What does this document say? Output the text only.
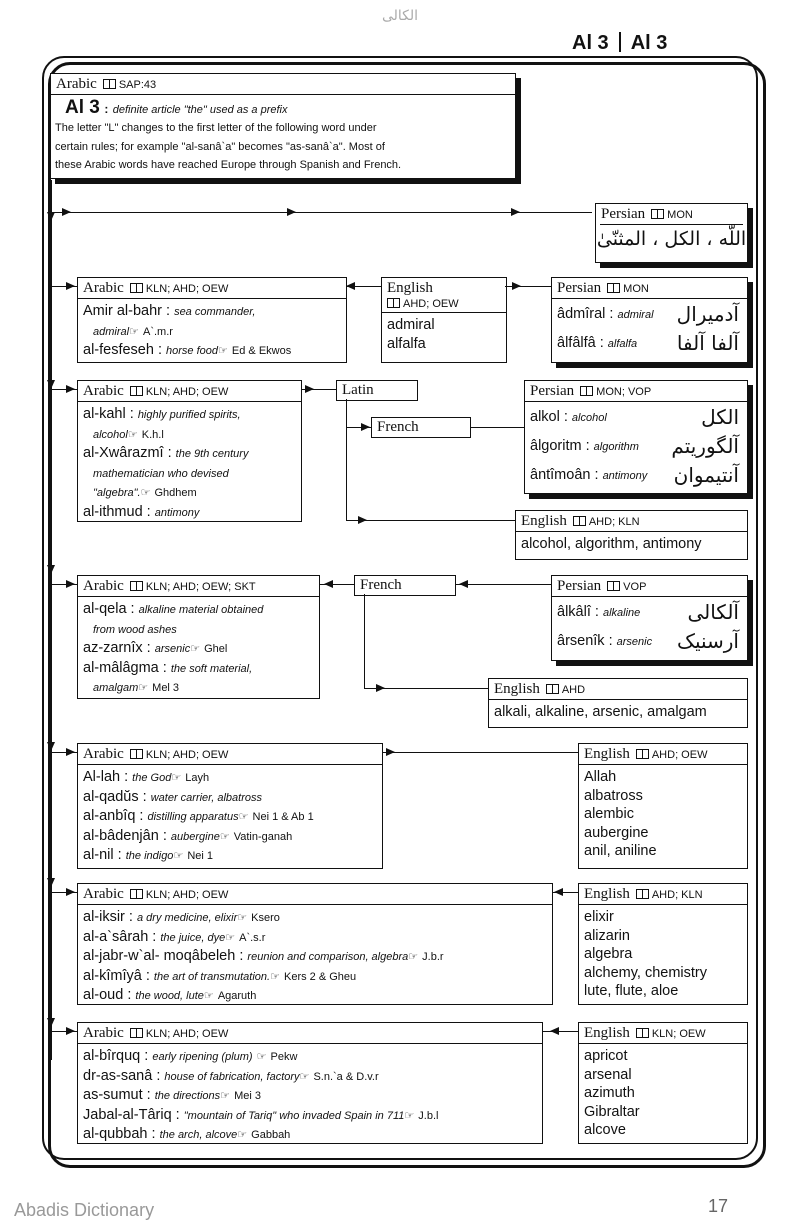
الکالی
Al 3 Al 3
Arabic SAP:43
Al 3 : definite article "the" used as a prefix
The letter "L" changes to the first letter of the following word under
certain rules; for example "al-sanâ`a" becomes "as-sanâ`a". Most of
these Arabic words have reached Europe through Spanish and French.
Persian MON
اللّه ، الکل ، المثنّیٰ
Arabic KLN; AHD; OEW
Amir al-bahr : sea commander,
admiral☞ A`.m.r
al-fesfeseh : horse food☞ Ed & Ekwos
English
AHD; OEW
admiral
alfalfa
Persian MON
âdmîral : admiral آدمیرال
âlfâlfâ : alfalfa آلفا آلفا
Arabic KLN; AHD; OEW
al-kahl : highly purified spirits,
alcohol☞ K.h.l
al-Xwârazmî : the 9th century
mathematician who devised
"algebra".☞ Ghdhem
al-ithmud : antimony
Latin
French
Persian MON; VOP
alkol : alcohol	الکل
âlgoritm : algorithm آلگوریتم
ântîmoân : antimony آنتیموان
English AHD; KLN
alcohol, algorithm, antimony
Arabic KLN; AHD; OEW; SKT
al-qela : alkaline material obtained
from wood ashes
az-zarnîx : arsenic☞ Ghel
al-mâlâgma : the soft material,
amalgam☞ Mel 3
French	Persian VOP
âlkâlî : alkaline آلکالی
ârsenîk : arsenic آرسنیک
English AHD
alkali, alkaline, arsenic, amalgam
Arabic KLN; AHD; OEW
Al-lah : the God☞ Layh
al-qadŭs : water carrier, albatross
al-anbîq : distilling apparatus☞ Nei 1 & Ab 1
al-bâdenjân : aubergine☞ Vatin-ganah
al-nil : the indigo☞ Nei 1
English AHD; OEW
Allah
albatross
alembic
aubergine
anil, aniline
Arabic KLN; AHD; OEW
al-iksir : a dry medicine, elixir☞ Ksero
al-a`sârah : the juice, dye☞ A`.s.r
al-jabr-w`al- moqâbeleh : reunion and comparison, algebra☞ J.b.r
al-kîmîyâ : the art of transmutation.☞ Kers 2 & Gheu
al-oud : the wood, lute☞ Agaruth
English AHD; KLN
elixir
alizarin
algebra
alchemy, chemistry
lute, flute, aloe
Arabic KLN; AHD; OEW
al-bîrquq : early ripening (plum) ☞ Pekw
dr-as-sanâ : house of fabrication, factory☞ S.n.`a & D.v.r
as-sumut : the directions☞ Mei 3
Jabal-al-Târiq : "mountain of Tariq" who invaded Spain in 711☞ J.b.l
al-qubbah : the arch, alcove☞ Gabbah
English KLN; OEW
apricot
arsenal
azimuth
Gibraltar
alcove
Abadis Dictionary	17
